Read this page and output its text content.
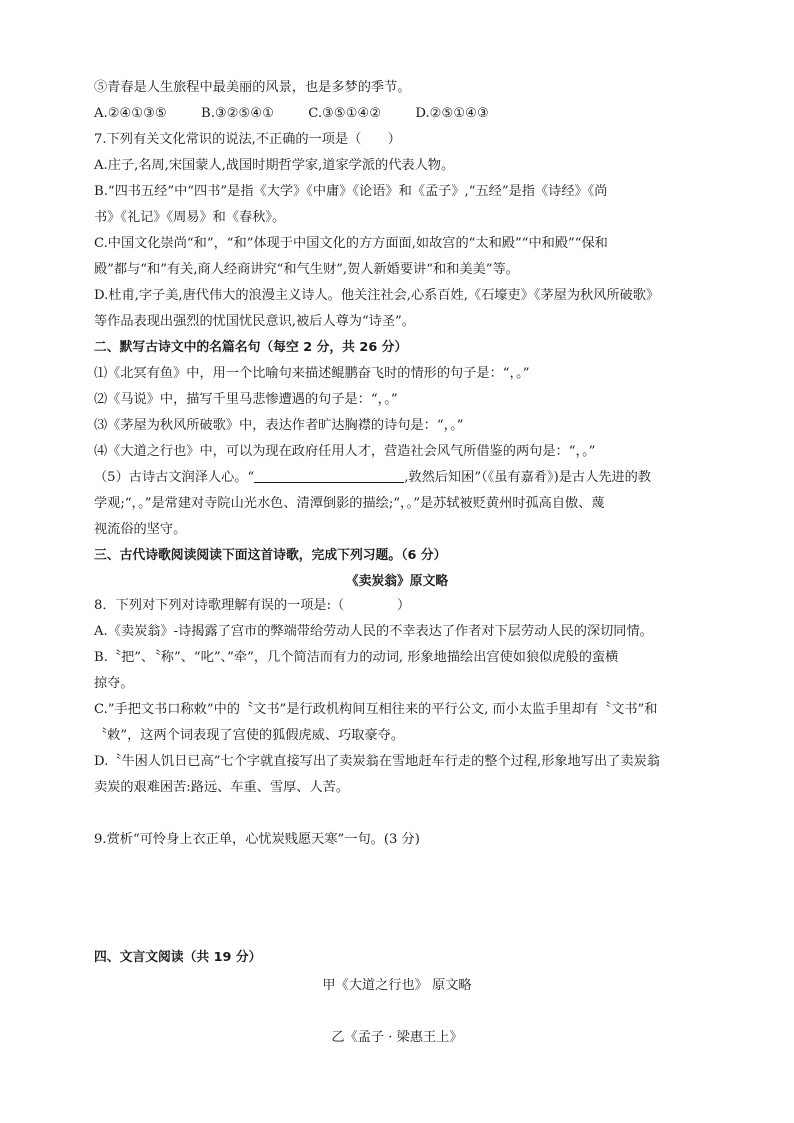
⑤青春是人生旅程中最美丽的风景，也是多梦的季节。
A.②④①③⑤	B.③②⑤④①	C.③⑤①④②	D.②⑤①④③
7.下列有关文化常识的说法,不正确的一项是（　　）
A.庄子,名周,宋国蒙人,战国时期哲学家,道家学派的代表人物。
B.“四书五经”中“四书”是指《大学》《中庸》《论语》和《孟子》,“五经”是指《诗经》《尚
书》《礼记》《周易》和《春秋》。
C.中国文化崇尚“和”，“和”体现于中国文化的方方面面,如故宫的“太和殿”“中和殿”“保和
殿”都与“和”有关,商人经商讲究“和气生财”,贺人新婚要讲“和和美美”等。
D.杜甫,字子美,唐代伟大的浪漫主义诗人。他关注社会,心系百姓,《石壕吏》《茅屋为秋风所破歌》
等作品表现出强烈的忧国忧民意识,被后人尊为“诗圣”。
二、默写古诗文中的名篇名句（每空 2 分，共 26 分）
⑴《北冥有鱼》中，用一个比喻句来描述鲲鹏奋飞时的情形的句子是：“，。”
⑵《马说》中，描写千里马悲惨遭遇的句子是：“，。”
⑶《茅屋为秋风所破歌》中，表达作者旷达胸襟的诗句是：“，。”
⑷《大道之行也》中，可以为现在政府任用人才，营造社会风气所借鉴的两句是：“，。”
（5）古诗古文润泽人心。“	,敦然后知困”（《虽有嘉肴》)是古人先进的教
学观;“，。”是常建对寺院山光水色、清潭倒影的描绘;“，。”是苏轼被贬黄州时孤高自傲、蔑
视流俗的坚守。
三、古代诗歌阅读阅读下面这首诗歌，完成下列习题。（6 分）
《卖炭翁》原文略
8．下列对下列对诗歌理解有误的一项是:（　　　　）
A.《卖炭翁》-诗揭露了宫市的弊端带给劳动人民的不幸表达了作者对下层劳动人民的深切同情。
B.〝把”、〝称”、“叱”、”牵”，几个简洁而有力的动词, 形象地描绘出宫使如狼似虎般的蛮横
掠夺。
C.”手把文书口称敕”中的〝文书”是行政机构间互相往来的平行公文, 而小太监手里却有〝文书”和
〝敕”，这两个词表现了宫使的狐假虎威、巧取豪夺。
D.〝牛困人饥日已高”七个字就直接写出了卖炭翁在雪地赶车行走的整个过程,形象地写出了卖炭翁
卖炭的艰难困苦:路远、车重、雪厚、人苦。
9.赏析“可怜身上衣正单，心忧炭贱愿天寒”一句。(3 分)
四、文言文阅读（共 19 分）
甲《大道之行也》 原文略
乙《孟子 · 梁惠王上》
